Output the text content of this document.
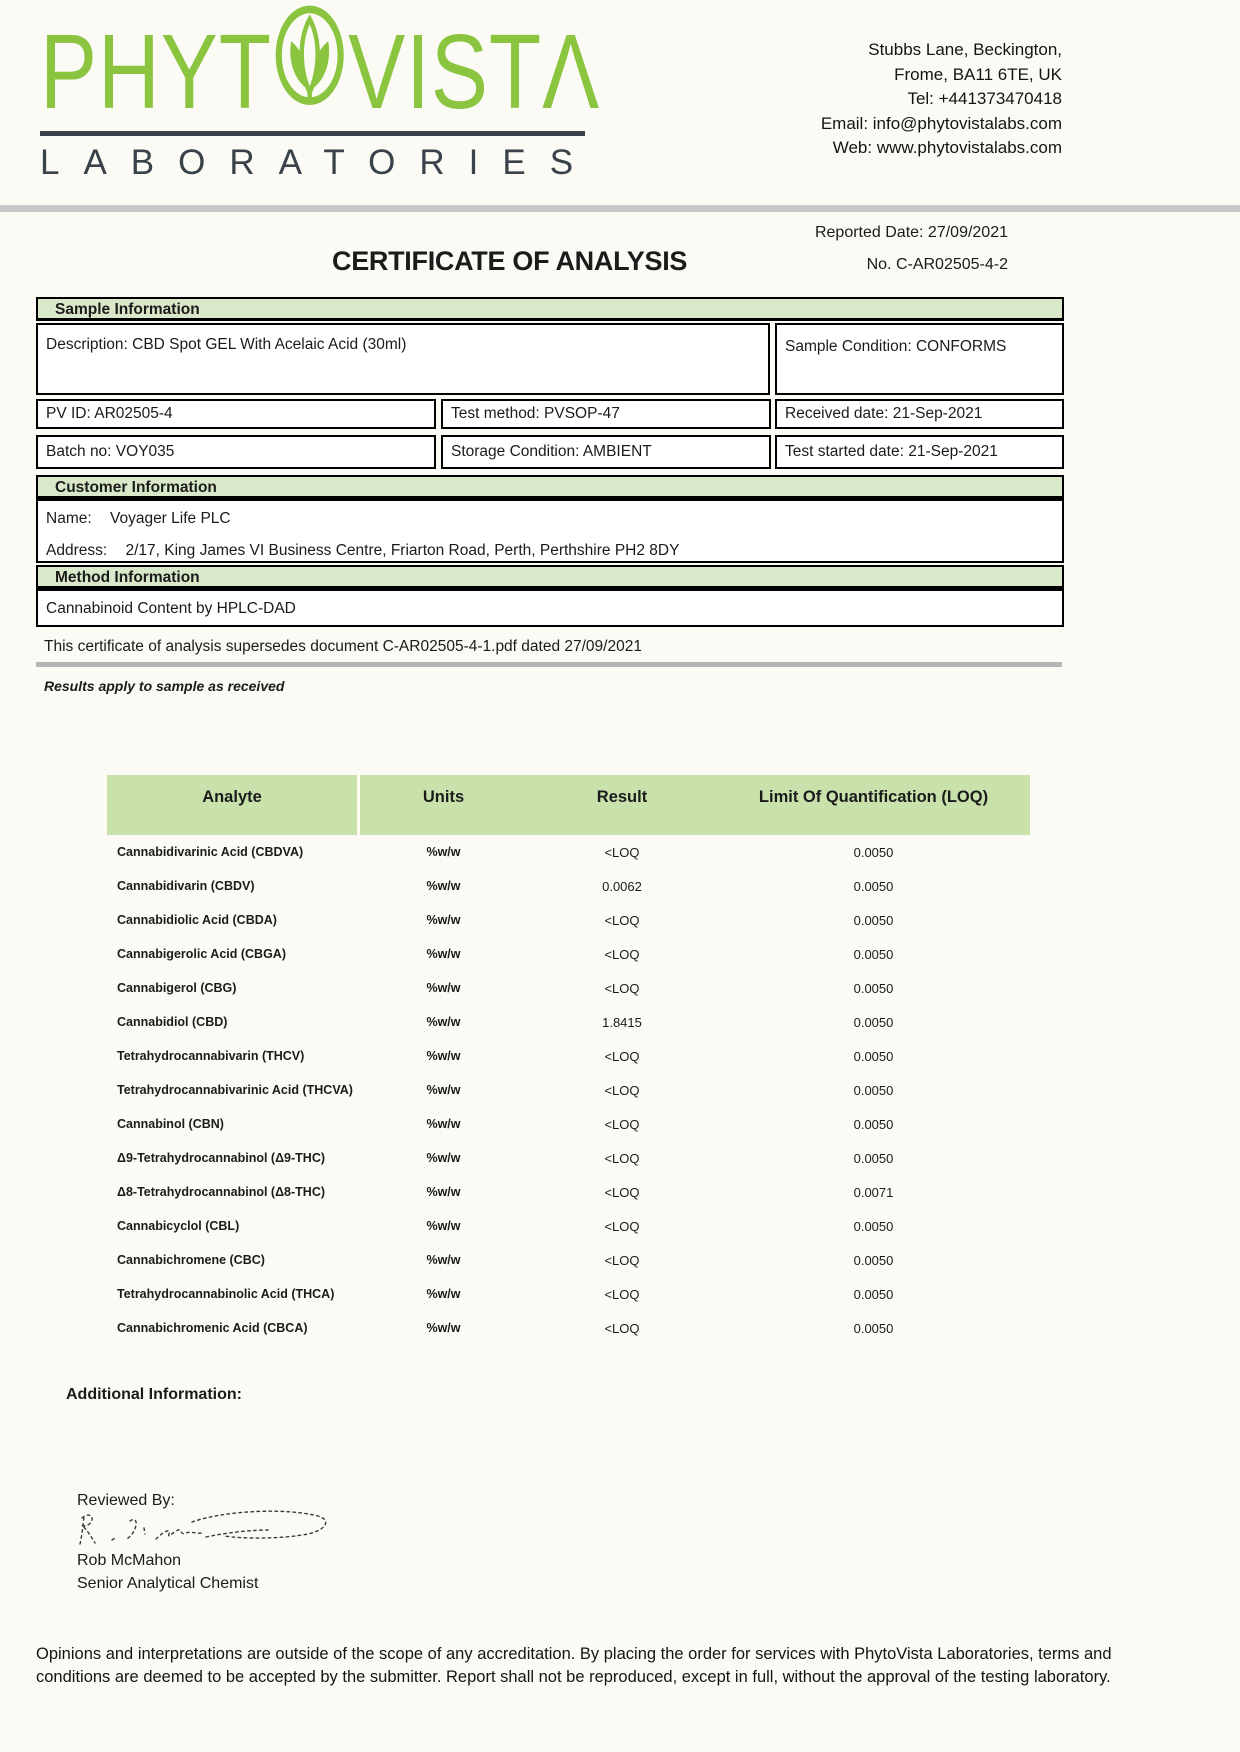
PHYT VISTΛ
LABORATORIES
Stubbs Lane, Beckington,
Frome, BA11 6TE, UK
Tel: +441373470418
Email: info@phytovistalabs.com
Web: www.phytovistalabs.com
Reported Date: 27/09/2021
No. C-AR02505-4-2
CERTIFICATE OF ANALYSIS
Sample Information
Description: CBD Spot GEL With Acelaic Acid (30ml)	Sample Condition: CONFORMS
PV ID: AR02505-4	Test method: PVSOP-47	Received date: 21-Sep-2021
Batch no: VOY035	Storage Condition: AMBIENT	Test started date: 21-Sep-2021
Customer Information
Name: Voyager Life PLC
Address: 2/17, King James VI Business Centre, Friarton Road, Perth, Perthshire PH2 8DY
Method Information
Cannabinoid Content by HPLC-DAD
This certificate of analysis supersedes document C-AR02505-4-1.pdf dated 27/09/2021
Results apply to sample as received
Analyte	Units	Result	Limit Of Quantification (LOQ)
Cannabidivarinic Acid (CBDVA)	%w/w	<LOQ	0.0050
Cannabidivarin (CBDV)	%w/w	0.0062	0.0050
Cannabidiolic Acid (CBDA)	%w/w	<LOQ	0.0050
Cannabigerolic Acid (CBGA)	%w/w	<LOQ	0.0050
Cannabigerol (CBG)	%w/w	<LOQ	0.0050
Cannabidiol (CBD)	%w/w	1.8415	0.0050
Tetrahydrocannabivarin (THCV)	%w/w	<LOQ	0.0050
Tetrahydrocannabivarinic Acid (THCVA)	%w/w	<LOQ	0.0050
Cannabinol (CBN)	%w/w	<LOQ	0.0050
Δ9-Tetrahydrocannabinol (Δ9-THC)	%w/w	<LOQ	0.0050
Δ8-Tetrahydrocannabinol (Δ8-THC)	%w/w	<LOQ	0.0071
Cannabicyclol (CBL)	%w/w	<LOQ	0.0050
Cannabichromene (CBC)	%w/w	<LOQ	0.0050
Tetrahydrocannabinolic Acid (THCA)	%w/w	<LOQ	0.0050
Cannabichromenic Acid (CBCA)	%w/w	<LOQ	0.0050
Additional Information:
Reviewed By:
Rob McMahon
Senior Analytical Chemist
Opinions and interpretations are outside of the scope of any accreditation. By placing the order for services with PhytoVista Laboratories, terms and conditions are deemed to be accepted by the submitter. Report shall not be reproduced, except in full, without the approval of the testing laboratory.
